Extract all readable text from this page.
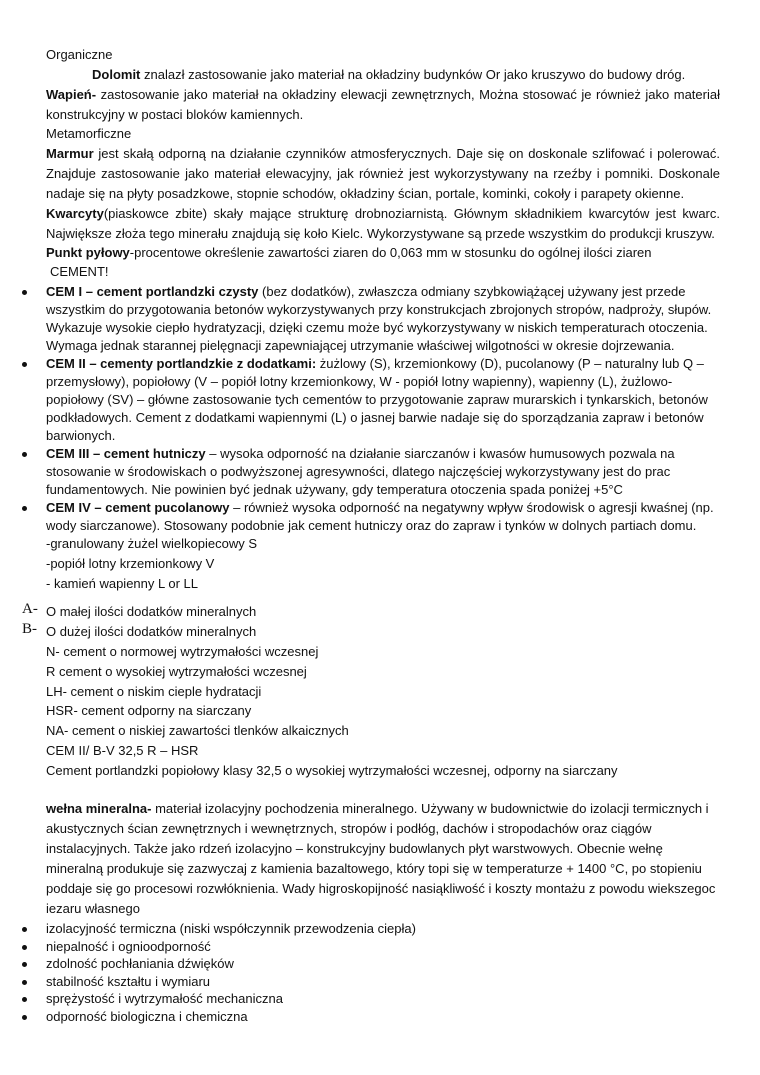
Organiczne
Dolomit znalazł zastosowanie jako materiał na okładziny budynków Or jako kruszywo do budowy dróg.
Wapień- zastosowanie jako materiał na okładziny elewacji zewnętrznych, Można stosować je również jako materiał konstrukcyjny w postaci bloków kamiennych.
Metamorficzne
Marmur jest skałą odporną na działanie czynników atmosferycznych. Daje się on doskonale szlifować i polerować. Znajduje zastosowanie jako materiał elewacyjny, jak również jest wykorzystywany na rzeźby i pomniki. Doskonale nadaje się na płyty posadzkowe, stopnie schodów, okładziny ścian, portale, kominki, cokoły i parapety okienne.
Kwarcyty(piaskowce zbite) skały mające strukturę drobnoziarnistą. Głównym składnikiem kwarcytów jest kwarc. Największe złoża tego minerału znajdują się koło Kielc. Wykorzystywane są przede wszystkim do produkcji kruszyw.
Punkt pyłowy-procentowe określenie zawartości ziaren do 0,063 mm w stosunku do ogólnej ilości ziaren
CEMENT!
CEM I – cement portlandzki czysty (bez dodatków), zwłaszcza odmiany szybkowiążącej używany jest przede wszystkim do przygotowania betonów wykorzystywanych przy konstrukcjach zbrojonych stropów, nadproży, słupów. Wykazuje wysokie ciepło hydratyzacji, dzięki czemu może być wykorzystywany w niskich temperaturach otoczenia. Wymaga jednak starannej pielęgnacji zapewniającej utrzymanie właściwej wilgotności w okresie dojrzewania.
CEM II – cementy portlandzkie z dodatkami: żużlowy (S), krzemionkowy (D), pucolanowy (P – naturalny lub Q – przemysłowy), popiołowy (V – popiół lotny krzemionkowy, W - popiół lotny wapienny), wapienny (L), żużlowo-popiołowy (SV) – główne zastosowanie tych cementów to przygotowanie zapraw murarskich i tynkarskich, betonów podkładowych. Cement z dodatkami wapiennymi (L) o jasnej barwie nadaje się do sporządzania zapraw i betonów barwionych.
CEM III – cement hutniczy – wysoka odporność na działanie siarczanów i kwasów humusowych pozwala na stosowanie w środowiskach o podwyższonej agresywności, dlatego najczęściej wykorzystywany jest do prac fundamentowych. Nie powinien być jednak używany, gdy temperatura otoczenia spada poniżej +5°C
CEM IV – cement pucolanowy – również wysoka odporność na negatywny wpływ środowisk o agresji kwaśnej (np. wody siarczanowe). Stosowany podobnie jak cement hutniczy oraz do zapraw i tynków w dolnych partiach domu.
-granulowany żużel wielkopiecowy S
-popiół lotny krzemionkowy V
- kamień wapienny L or LL
A- O małej ilości dodatków mineralnych
B- O dużej ilości dodatków mineralnych
N- cement o normowej wytrzymałości wczesnej
R cement o wysokiej wytrzymałości wczesnej
LH- cement o niskim cieple hydratacji
HSR- cement odporny na siarczany
NA- cement o niskiej zawartości tlenków alkaicznych
CEM II/ B-V 32,5 R – HSR
Cement portlandzki popiołowy klasy 32,5 o wysokiej wytrzymałości wczesnej, odporny na siarczany
wełna mineralna- materiał izolacyjny pochodzenia mineralnego. Używany w budownictwie do izolacji termicznych i akustycznych ścian zewnętrznych i wewnętrznych, stropów i podłóg, dachów i stropodachów oraz ciągów instalacyjnych. Także jako rdzeń izolacyjno – konstrukcyjny budowlanych płyt warstwowych. Obecnie wełnę mineralną produkuje się zazwyczaj z kamienia bazaltowego, który topi się w temperaturze + 1400 °C, po stopieniu poddaje się go procesowi rozwłóknienia. Wady higroskopijność nasiąkliwość i koszty montażu z powodu wiekszegoc iezaru własnego
izolacyjność termiczna (niski współczynnik przewodzenia ciepła)
niepalność i ognioodporność
zdolność pochłaniania dźwięków
stabilność kształtu i wymiaru
sprężystość i wytrzymałość mechaniczna
odporność biologiczna i chemiczna
